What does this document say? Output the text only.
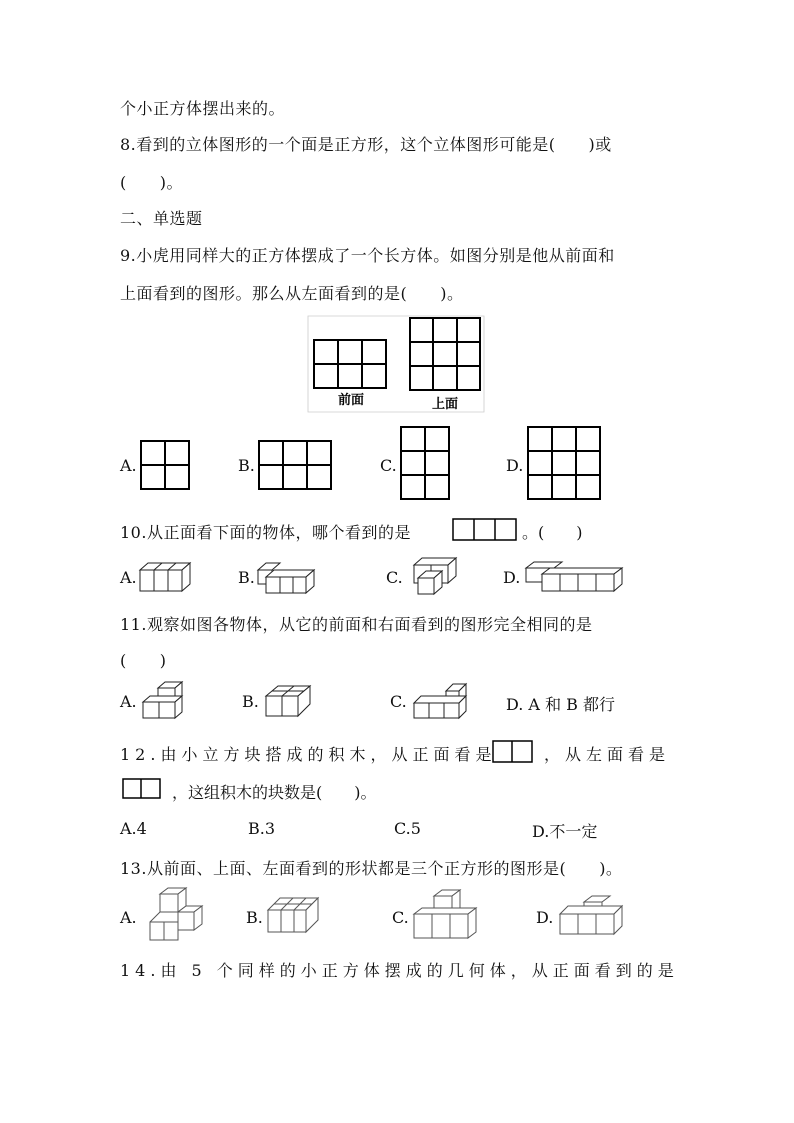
个小正方体摆出来的。
8.看到的立体图形的一个面是正方形，这个立体图形可能是(　　)或
(　　)。
二、单选题
9.小虎用同样大的正方体摆成了一个长方体。如图分别是他从前面和
上面看到的图形。那么从左面看到的是(　　)。
前面	上面
A.	B.	C.	D.
10.从正面看下面的物体，哪个看到的是	。(　　)
A.	B.	C.	D.
11.观察如图各物体，从它的前面和右面看到的图形完全相同的是
(　　)
A.	B.	C.	D. A 和 B 都行
12.由小立方块搭成的积木，从正面看是	，从左面看是
，这组积木的块数是(　　)。
A.4	B.3	C.5	D.不一定
13.从前面、上面、左面看到的形状都是三个正方形的图形是(　　)。
A.	B.	C.	D.
14.由 5 个同样的小正方体摆成的几何体，从正面看到的是
